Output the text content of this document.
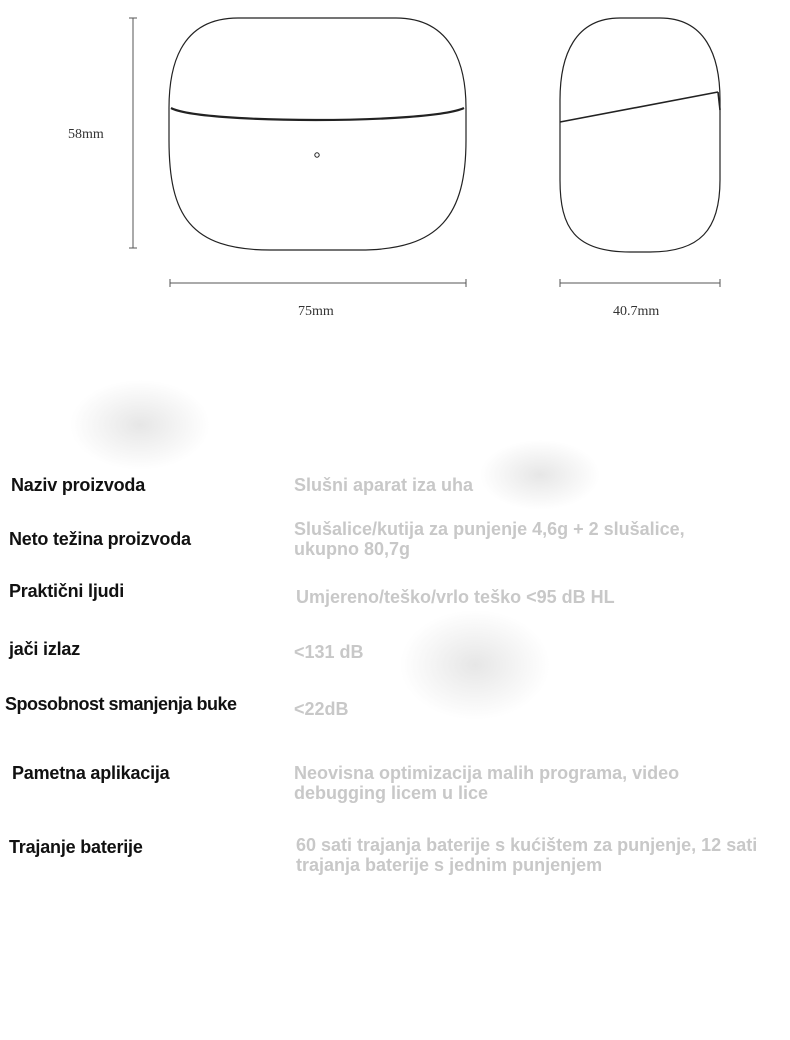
58mm
75mm	40.7mm
Naziv proizvoda	Slušni aparat iza uha
Neto težina proizvoda	Slušalice/kutija za punjenje 4,6g + 2 slušalice, ukupno 80,7g
Praktični ljudi	Umjereno/teško/vrlo teško <95 dB HL
jači izlaz	<131 dB
Sposobnost smanjenja buke	<22dB
Pametna aplikacija	Neovisna optimizacija malih programa, video debugging licem u lice
Trajanje baterije	60 sati trajanja baterije s kućištem za punjenje, 12 sati trajanja baterije s jednim punjenjem
